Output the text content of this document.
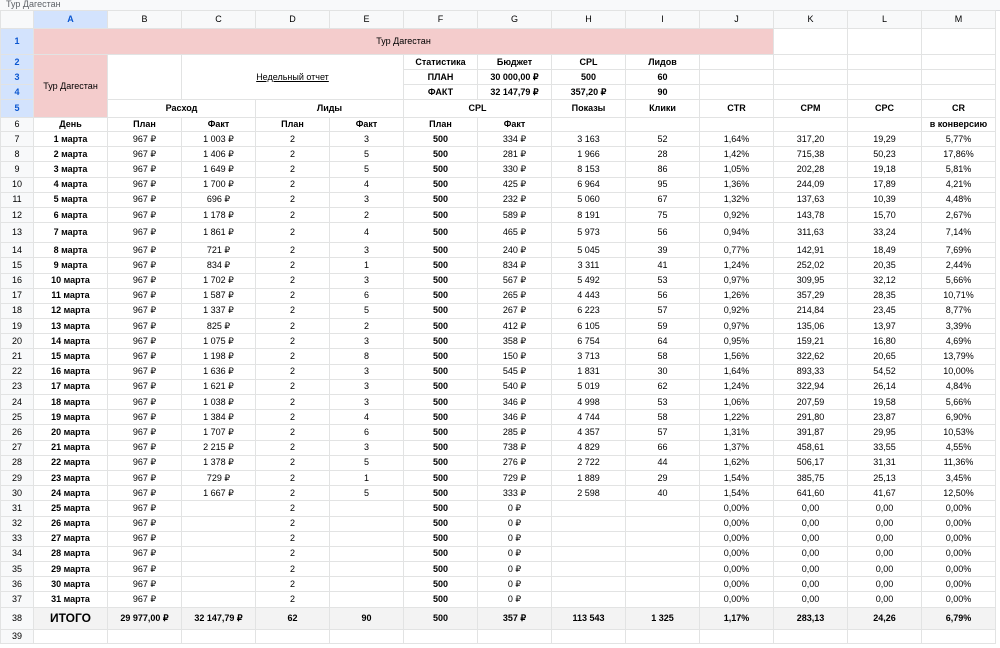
Тур Дагестан
	A	B	C	D	E	F	G	H	I	J	K	L	M
1	Тур Дагестан												
2	Тур Дагестан		Недельный отчет			Статистика	Бюджет	CPL	Лидов				
3						ПЛАН	30 000,00 ₽	500	60				
4						ФАКТ	32 147,79 ₽	357,20 ₽	90				
5		Расход		Лиды		CPL		Показы	Клики	CTR	CPM	CPC	CR
6	День	План	Факт	План	Факт	План	Факт						в конверсию
7	1 марта	967 ₽	1 003 ₽	2	3	500	334 ₽	3 163	52	1,64%	317,20	19,29	5,77%
8	2 марта	967 ₽	1 406 ₽	2	5	500	281 ₽	1 966	28	1,42%	715,38	50,23	17,86%
9	3 марта	967 ₽	1 649 ₽	2	5	500	330 ₽	8 153	86	1,05%	202,28	19,18	5,81%
10	4 марта	967 ₽	1 700 ₽	2	4	500	425 ₽	6 964	95	1,36%	244,09	17,89	4,21%
11	5 марта	967 ₽	696 ₽	2	3	500	232 ₽	5 060	67	1,32%	137,63	10,39	4,48%
12	6 марта	967 ₽	1 178 ₽	2	2	500	589 ₽	8 191	75	0,92%	143,78	15,70	2,67%
13	7 марта	967 ₽	1 861 ₽	2	4	500	465 ₽	5 973	56	0,94%	311,63	33,24	7,14%
14	8 марта	967 ₽	721 ₽	2	3	500	240 ₽	5 045	39	0,77%	142,91	18,49	7,69%
15	9 марта	967 ₽	834 ₽	2	1	500	834 ₽	3 311	41	1,24%	252,02	20,35	2,44%
16	10 марта	967 ₽	1 702 ₽	2	3	500	567 ₽	5 492	53	0,97%	309,95	32,12	5,66%
17	11 марта	967 ₽	1 587 ₽	2	6	500	265 ₽	4 443	56	1,26%	357,29	28,35	10,71%
18	12 марта	967 ₽	1 337 ₽	2	5	500	267 ₽	6 223	57	0,92%	214,84	23,45	8,77%
19	13 марта	967 ₽	825 ₽	2	2	500	412 ₽	6 105	59	0,97%	135,06	13,97	3,39%
20	14 марта	967 ₽	1 075 ₽	2	3	500	358 ₽	6 754	64	0,95%	159,21	16,80	4,69%
21	15 марта	967 ₽	1 198 ₽	2	8	500	150 ₽	3 713	58	1,56%	322,62	20,65	13,79%
22	16 марта	967 ₽	1 636 ₽	2	3	500	545 ₽	1 831	30	1,64%	893,33	54,52	10,00%
23	17 марта	967 ₽	1 621 ₽	2	3	500	540 ₽	5 019	62	1,24%	322,94	26,14	4,84%
24	18 марта	967 ₽	1 038 ₽	2	3	500	346 ₽	4 998	53	1,06%	207,59	19,58	5,66%
25	19 марта	967 ₽	1 384 ₽	2	4	500	346 ₽	4 744	58	1,22%	291,80	23,87	6,90%
26	20 марта	967 ₽	1 707 ₽	2	6	500	285 ₽	4 357	57	1,31%	391,87	29,95	10,53%
27	21 марта	967 ₽	2 215 ₽	2	3	500	738 ₽	4 829	66	1,37%	458,61	33,55	4,55%
28	22 марта	967 ₽	1 378 ₽	2	5	500	276 ₽	2 722	44	1,62%	506,17	31,31	11,36%
29	23 марта	967 ₽	729 ₽	2	1	500	729 ₽	1 889	29	1,54%	385,75	25,13	3,45%
30	24 марта	967 ₽	1 667 ₽	2	5	500	333 ₽	2 598	40	1,54%	641,60	41,67	12,50%
31	25 марта	967 ₽		2		500	0 ₽			0,00%	0,00	0,00	0,00%
32	26 марта	967 ₽		2		500	0 ₽			0,00%	0,00	0,00	0,00%
33	27 марта	967 ₽		2		500	0 ₽			0,00%	0,00	0,00	0,00%
34	28 марта	967 ₽		2		500	0 ₽			0,00%	0,00	0,00	0,00%
35	29 марта	967 ₽		2		500	0 ₽			0,00%	0,00	0,00	0,00%
36	30 марта	967 ₽		2		500	0 ₽			0,00%	0,00	0,00	0,00%
37	31 марта	967 ₽		2		500	0 ₽			0,00%	0,00	0,00	0,00%
38	ИТОГО	29 977,00 ₽	32 147,79 ₽	62	90	500	357 ₽	113 543	1 325	1,17%	283,13	24,26	6,79%
39													
